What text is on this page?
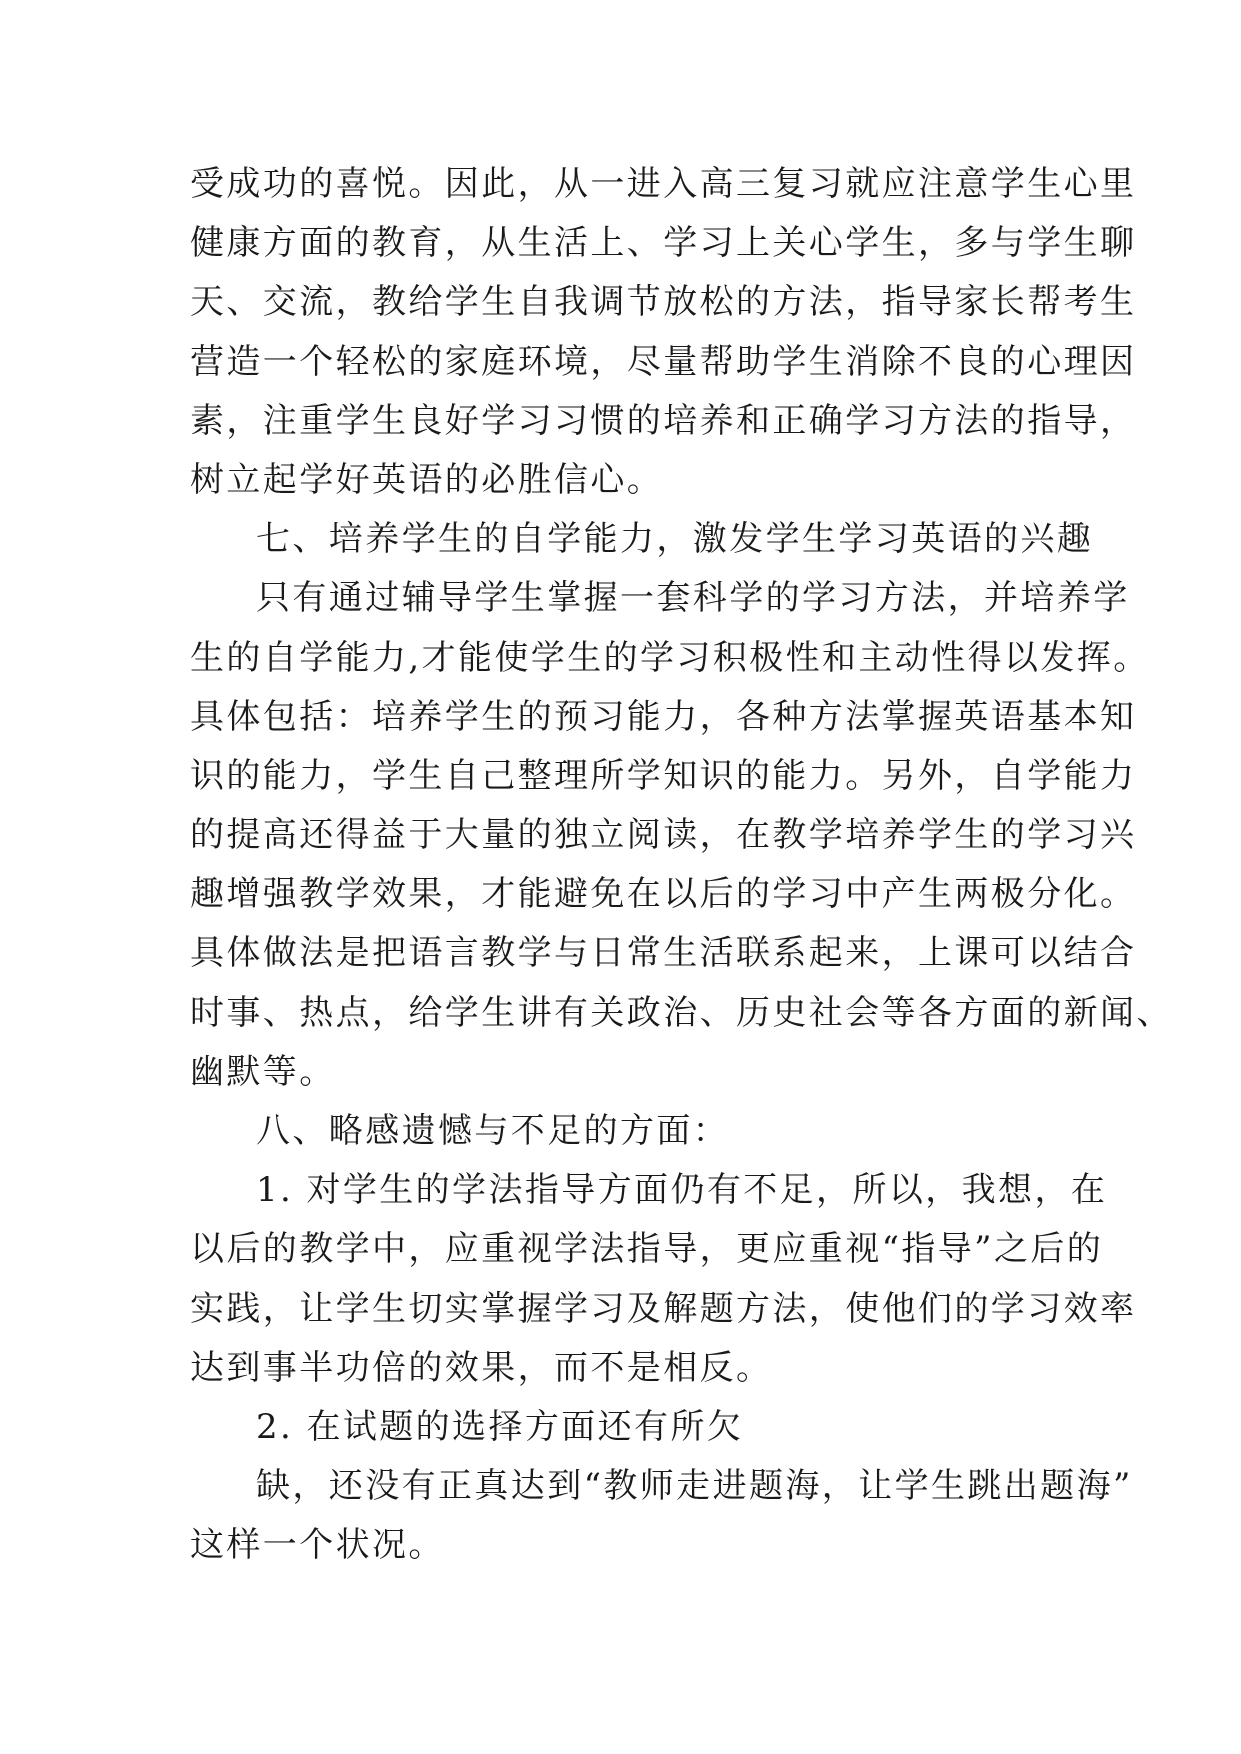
受成功的喜悦。因此，从一进入高三复习就应注意学生心里
健康方面的教育，从生活上、学习上关心学生，多与学生聊
天、交流，教给学生自我调节放松的方法，指导家长帮考生
营造一个轻松的家庭环境，尽量帮助学生消除不良的心理因
素，注重学生良好学习习惯的培养和正确学习方法的指导，
树立起学好英语的必胜信心。
七、培养学生的自学能力，激发学生学习英语的兴趣
只有通过辅导学生掌握一套科学的学习方法，并培养学
生的自学能力,才能使学生的学习积极性和主动性得以发挥。
具体包括：培养学生的预习能力，各种方法掌握英语基本知
识的能力，学生自己整理所学知识的能力。另外，自学能力
的提高还得益于大量的独立阅读，在教学培养学生的学习兴
趣增强教学效果，才能避免在以后的学习中产生两极分化。
具体做法是把语言教学与日常生活联系起来，上课可以结合
时事、热点，给学生讲有关政治、历史社会等各方面的新闻、
幽默等。
八、略感遗憾与不足的方面：
1. 对学生的学法指导方面仍有不足，所以，我想，在
以后的教学中，应重视学法指导，更应重视“指导”之后的
实践，让学生切实掌握学习及解题方法，使他们的学习效率
达到事半功倍的效果，而不是相反。
2. 在试题的选择方面还有所欠
缺，还没有正真达到“教师走进题海，让学生跳出题海”
这样一个状况。
